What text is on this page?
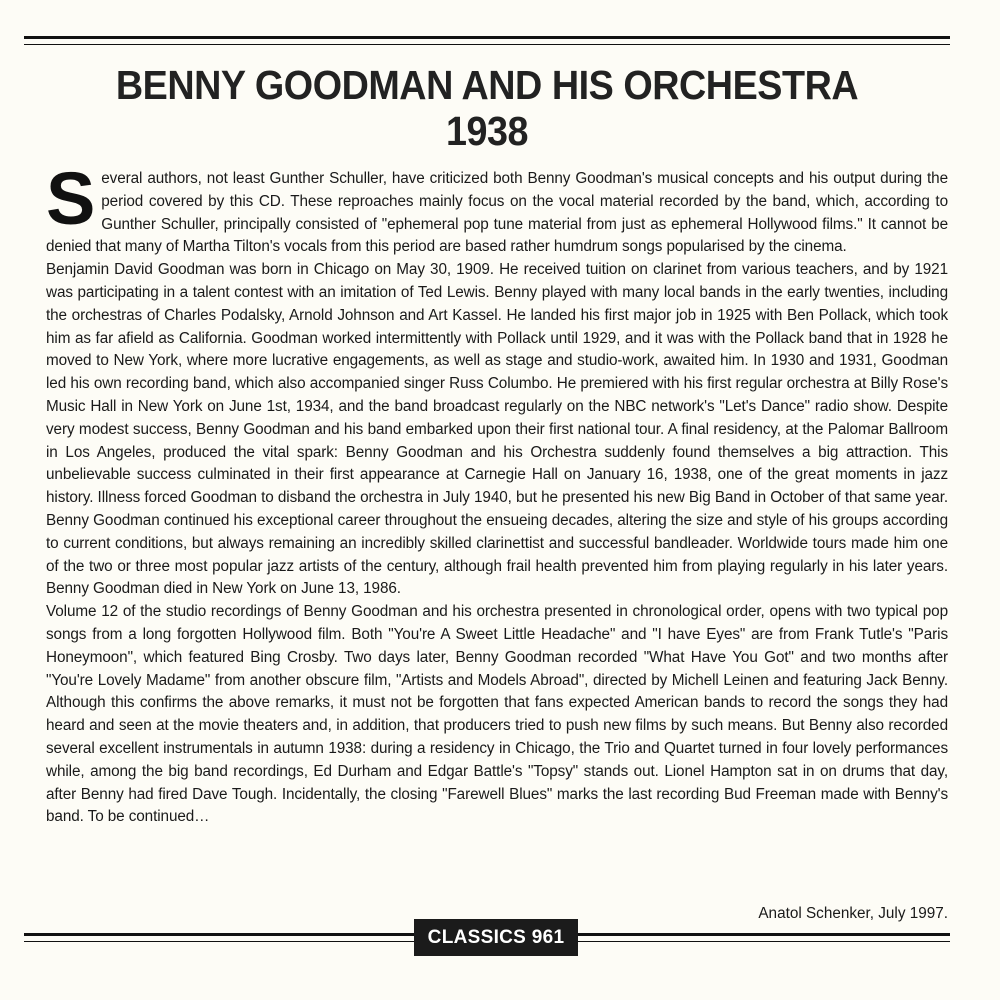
BENNY GOODMAN AND HIS ORCHESTRA
1938

Several authors, not least Gunther Schuller, have criticized both Benny Goodman's musical concepts and his output during the period covered by this CD. These reproaches mainly focus on the vocal material recorded by the band, which, according to Gunther Schuller, principally consisted of "ephemeral pop tune material from just as ephemeral Hollywood films." It cannot be denied that many of Martha Tilton's vocals from this period are based rather humdrum songs popularised by the cinema.

Benjamin David Goodman was born in Chicago on May 30, 1909. He received tuition on clarinet from various teachers, and by 1921 was participating in a talent contest with an imitation of Ted Lewis. Benny played with many local bands in the early twenties, including the orchestras of Charles Podalsky, Arnold Johnson and Art Kassel. He landed his first major job in 1925 with Ben Pollack, which took him as far afield as California. Goodman worked intermittently with Pollack until 1929, and it was with the Pollack band that in 1928 he moved to New York, where more lucrative engagements, as well as stage and studio-work, awaited him. In 1930 and 1931, Goodman led his own recording band, which also accompanied singer Russ Columbo. He premiered with his first regular orchestra at Billy Rose's Music Hall in New York on June 1st, 1934, and the band broadcast regularly on the NBC network's "Let's Dance" radio show. Despite very modest success, Benny Goodman and his band embarked upon their first national tour. A final residency, at the Palomar Ballroom in Los Angeles, produced the vital spark: Benny Goodman and his Orchestra suddenly found themselves a big attraction. This unbelievable success culminated in their first appearance at Carnegie Hall on January 16, 1938, one of the great moments in jazz history. Illness forced Goodman to disband the orchestra in July 1940, but he presented his new Big Band in October of that same year. Benny Goodman continued his exceptional career throughout the ensueing decades, altering the size and style of his groups according to current conditions, but always remaining an incredibly skilled clarinettist and successful bandleader. Worldwide tours made him one of the two or three most popular jazz artists of the century, although frail health prevented him from playing regularly in his later years. Benny Goodman died in New York on June 13, 1986.

Volume 12 of the studio recordings of Benny Goodman and his orchestra presented in chronological order, opens with two typical pop songs from a long forgotten Hollywood film. Both "You're A Sweet Little Headache" and "I have Eyes" are from Frank Tutle's "Paris Honeymoon", which featured Bing Crosby. Two days later, Benny Goodman recorded "What Have You Got" and two months after "You're Lovely Madame" from another obscure film, "Artists and Models Abroad", directed by Michell Leinen and featuring Jack Benny. Although this confirms the above remarks, it must not be forgotten that fans expected American bands to record the songs they had heard and seen at the movie theaters and, in addition, that producers tried to push new films by such means. But Benny also recorded several excellent instrumentals in autumn 1938: during a residency in Chicago, the Trio and Quartet turned in four lovely performances while, among the big band recordings, Ed Durham and Edgar Battle's "Topsy" stands out. Lionel Hampton sat in on drums that day, after Benny had fired Dave Tough. Incidentally, the closing "Farewell Blues" marks the last recording Bud Freeman made with Benny's band. To be continued…

Anatol Schenker, July 1997.
CLASSICS 961
